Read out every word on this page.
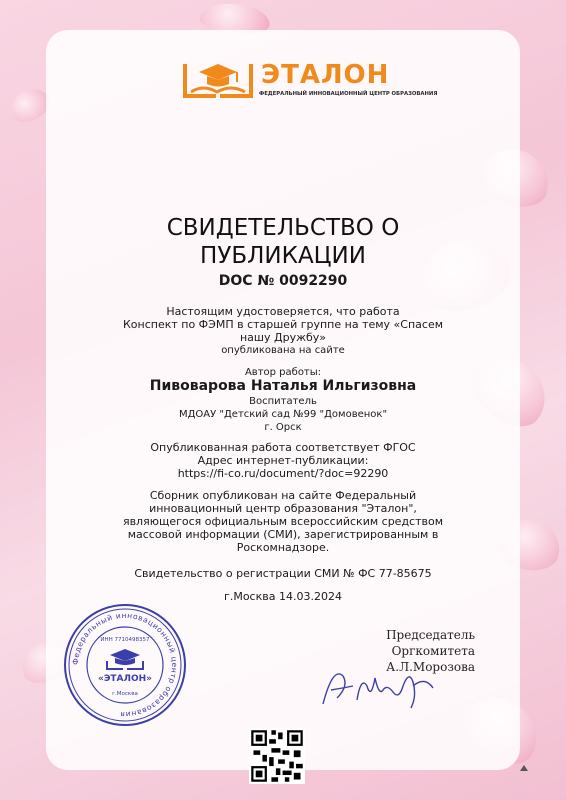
ЭТАЛОН
ФЕДЕРАЛЬНЫЙ ИННОВАЦИОННЫЙ ЦЕНТР ОБРАЗОВАНИЯ
СВИДЕТЕЛЬСТВО О
ПУБЛИКАЦИИ
DOC № 0092290
Настоящим удостоверяется, что работа
Конспект по ФЭМП в старшей группе на тему «Спасем
нашу Дружбу»
опубликована на сайте
Автор работы:
Пивоварова Наталья Ильгизовна
Воспитатель
МДОАУ "Детский сад №99 "Домовенок"
г. Орск
Опубликованная работа соответствует ФГОС
Адрес интернет-публикации:
https://fi-co.ru/document/?doc=92290
Сборник опубликован на сайте Федеральный
инновационный центр образования "Эталон",
являющегося официальным всероссийским средством
массовой информации (СМИ), зарегистрированным в
Роскомнадзоре.
Свидетельство о регистрации СМИ № ФС 77-85675
г.Москва 14.03.2024
Федеральный инновационный центр образования
ИНН 7710498357
«ЭТАЛОН»
г.Москва
Председатель Оргкомитета
А.Л.Морозова
